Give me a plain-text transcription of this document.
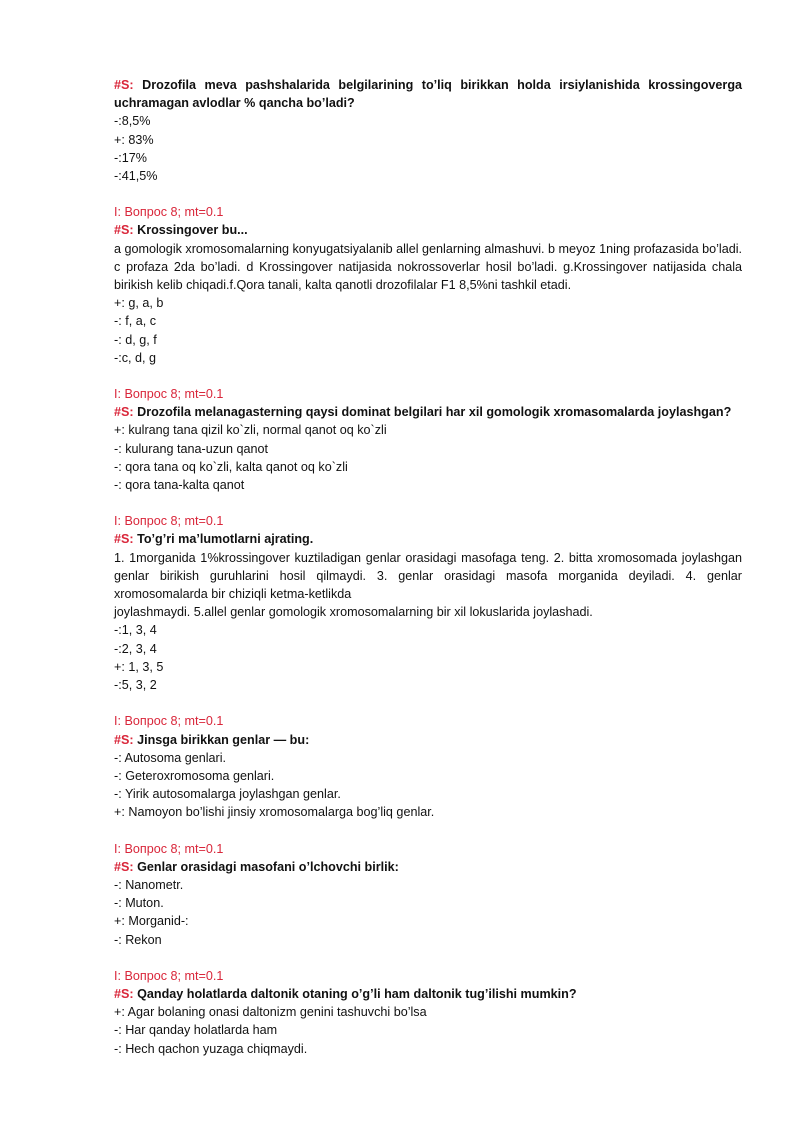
#S: Drozofila meva pashshalarida belgilarining to’liq birikkan holda irsiylanishida krossingoverga uchramagan avlodlar % qancha bo’ladi?
-:8,5%
+: 83%
-:17%
-:41,5%
I: Вопрос 8; mt=0.1
#S: Krossingover bu...
a gomologik xromosomalarning konyugatsiyalanib allel genlarning almashuvi. b meyoz 1ning profazasida bo’ladi. c profaza 2da bo’ladi. d Krossingover natijasida nokrossoverlar hosil bo’ladi. g.Krossingover natijasida chala birikish kelib chiqadi.f.Qora tanali, kalta qanotli drozofilalar F1 8,5%ni tashkil etadi.
+: g, a, b
-: f, a, c
-: d, g, f
-:c, d, g
I: Вопрос 8; mt=0.1
#S: Drozofila melanagasterning qaysi dominat belgilari har xil gomologik xromasomalarda joylashgan?
+: kulrang tana qizil ko`zli, normal qanot oq ko`zli
-: kulurang tana-uzun qanot
-: qora tana oq ko`zli, kalta qanot oq ko`zli
-: qora tana-kalta qanot
I: Вопрос 8; mt=0.1
#S: To’g’ri ma’lumotlarni ajrating.
1. 1morganida 1%krossingover kuztiladigan genlar orasidagi masofaga teng. 2. bitta xromosomada joylashgan genlar birikish guruhlarini hosil qilmaydi. 3. genlar orasidagi masofa morganida deyiladi. 4. genlar xromosomalarda bir chiziqli ketma-ketlikda
joylashmaydi. 5.allel genlar gomologik xromosomalarning bir xil lokuslarida joylashadi.
-:1, 3, 4
-:2, 3, 4
+: 1, 3, 5
-:5, 3, 2
I: Вопрос 8; mt=0.1
#S: Jinsga birikkan genlar — bu:
-: Autosoma genlari.
-: Geteroxromosoma genlari.
-: Yirik autosomalarga joylashgan genlar.
+: Namoyon bo’lishi jinsiy xromosomalarga bog’liq genlar.
I: Вопрос 8; mt=0.1
#S: Genlar orasidagi masofani o’lchovchi birlik:
-: Nanometr.
-: Muton.
+: Morganid-:
-: Rekon
I: Вопрос 8; mt=0.1
#S: Qanday holatlarda daltonik otaning o’g’li ham daltonik tug’ilishi mumkin?
+: Agar bolaning onasi daltonizm genini tashuvchi bo’lsa
-: Har qanday holatlarda ham
-: Hech qachon yuzaga chiqmaydi.
